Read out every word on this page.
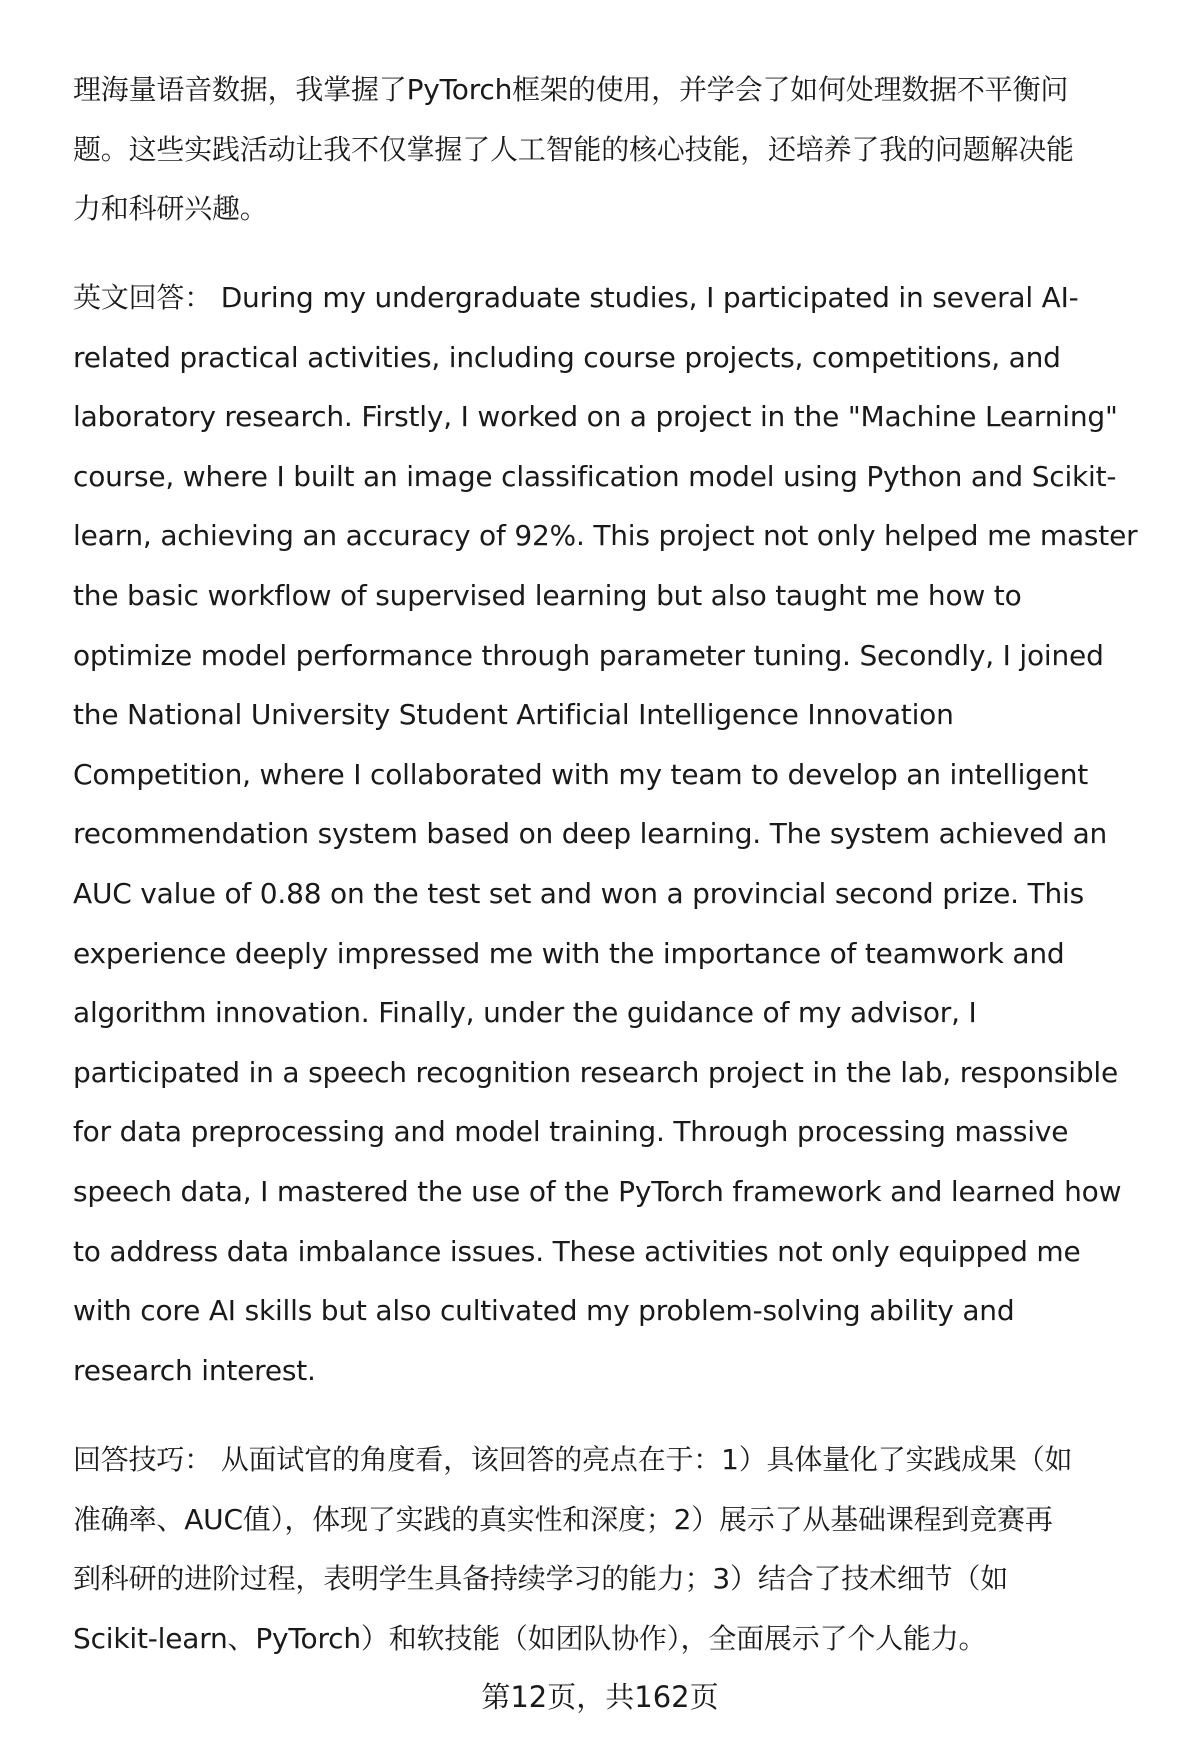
理海量语音数据，我掌握了PyTorch框架的使用，并学会了如何处理数据不平衡问
题。这些实践活动让我不仅掌握了人工智能的核心技能，还培养了我的问题解决能
力和科研兴趣。
英文回答： During my undergraduate studies, I participated in several AI-
related practical activities, including course projects, competitions, and
laboratory research. Firstly, I worked on a project in the "Machine Learning"
course, where I built an image classification model using Python and Scikit-
learn, achieving an accuracy of 92%. This project not only helped me master
the basic workflow of supervised learning but also taught me how to
optimize model performance through parameter tuning. Secondly, I joined
the National University Student Artificial Intelligence Innovation
Competition, where I collaborated with my team to develop an intelligent
recommendation system based on deep learning. The system achieved an
AUC value of 0.88 on the test set and won a provincial second prize. This
experience deeply impressed me with the importance of teamwork and
algorithm innovation. Finally, under the guidance of my advisor, I
participated in a speech recognition research project in the lab, responsible
for data preprocessing and model training. Through processing massive
speech data, I mastered the use of the PyTorch framework and learned how
to address data imbalance issues. These activities not only equipped me
with core AI skills but also cultivated my problem-solving ability and
research interest.
回答技巧： 从面试官的角度看，该回答的亮点在于：1）具体量化了实践成果（如
准确率、AUC值），体现了实践的真实性和深度；2）展示了从基础课程到竞赛再
到科研的进阶过程，表明学生具备持续学习的能力；3）结合了技术细节（如
Scikit-learn、PyTorch）和软技能（如团队协作），全面展示了个人能力。
第12页，共162页
